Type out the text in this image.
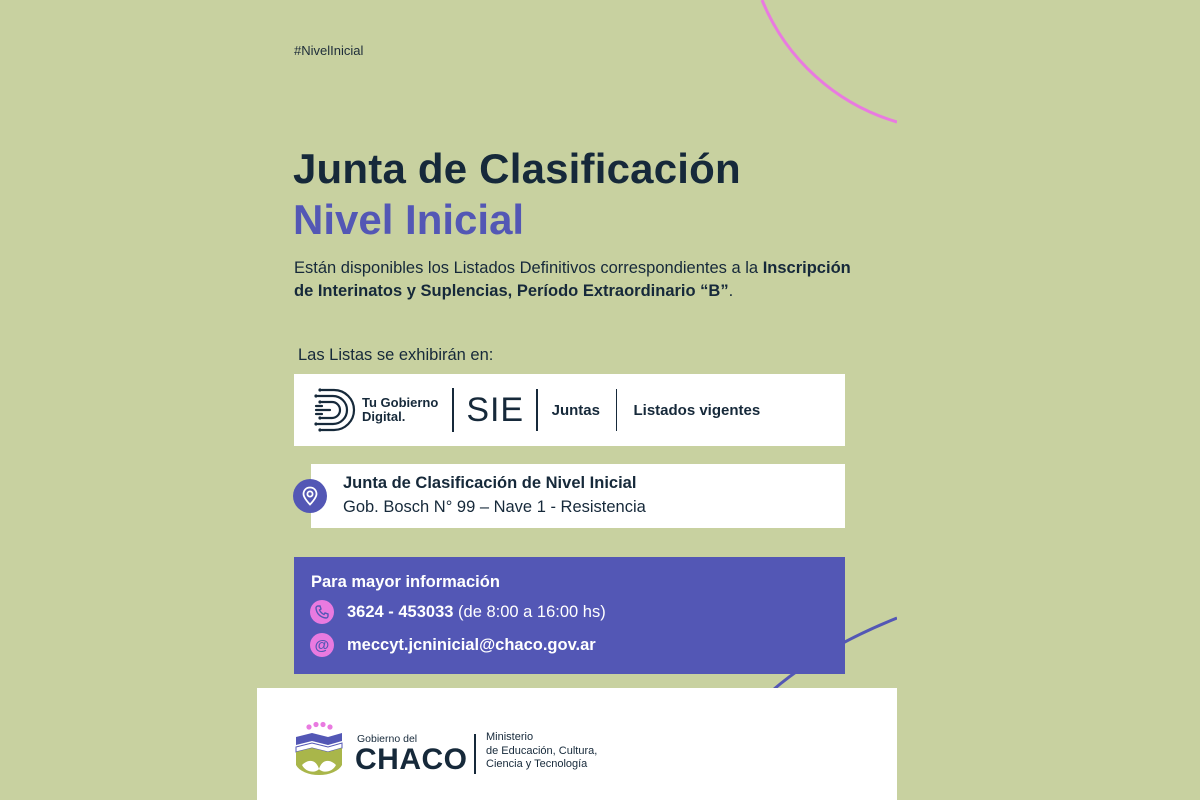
#NivelInicial
Junta de Clasificación
Nivel Inicial
Están disponibles los Listados Definitivos correspondientes a la Inscripción de Interinatos y Suplencias, Período Extraordinario “B”.
Las Listas se exhibirán en:
Tu Gobierno
Digital.	SIE Juntas Listados vigentes
Junta de Clasificación de Nivel Inicial
Gob. Bosch N° 99 – Nave 1 - Resistencia
Para mayor información
3624 - 453033 (de 8:00 a 16:00 hs)
@ meccyt.jcninicial@chaco.gov.ar
Gobierno del
CHACO
Ministerio
de Educación, Cultura,
Ciencia y Tecnología
